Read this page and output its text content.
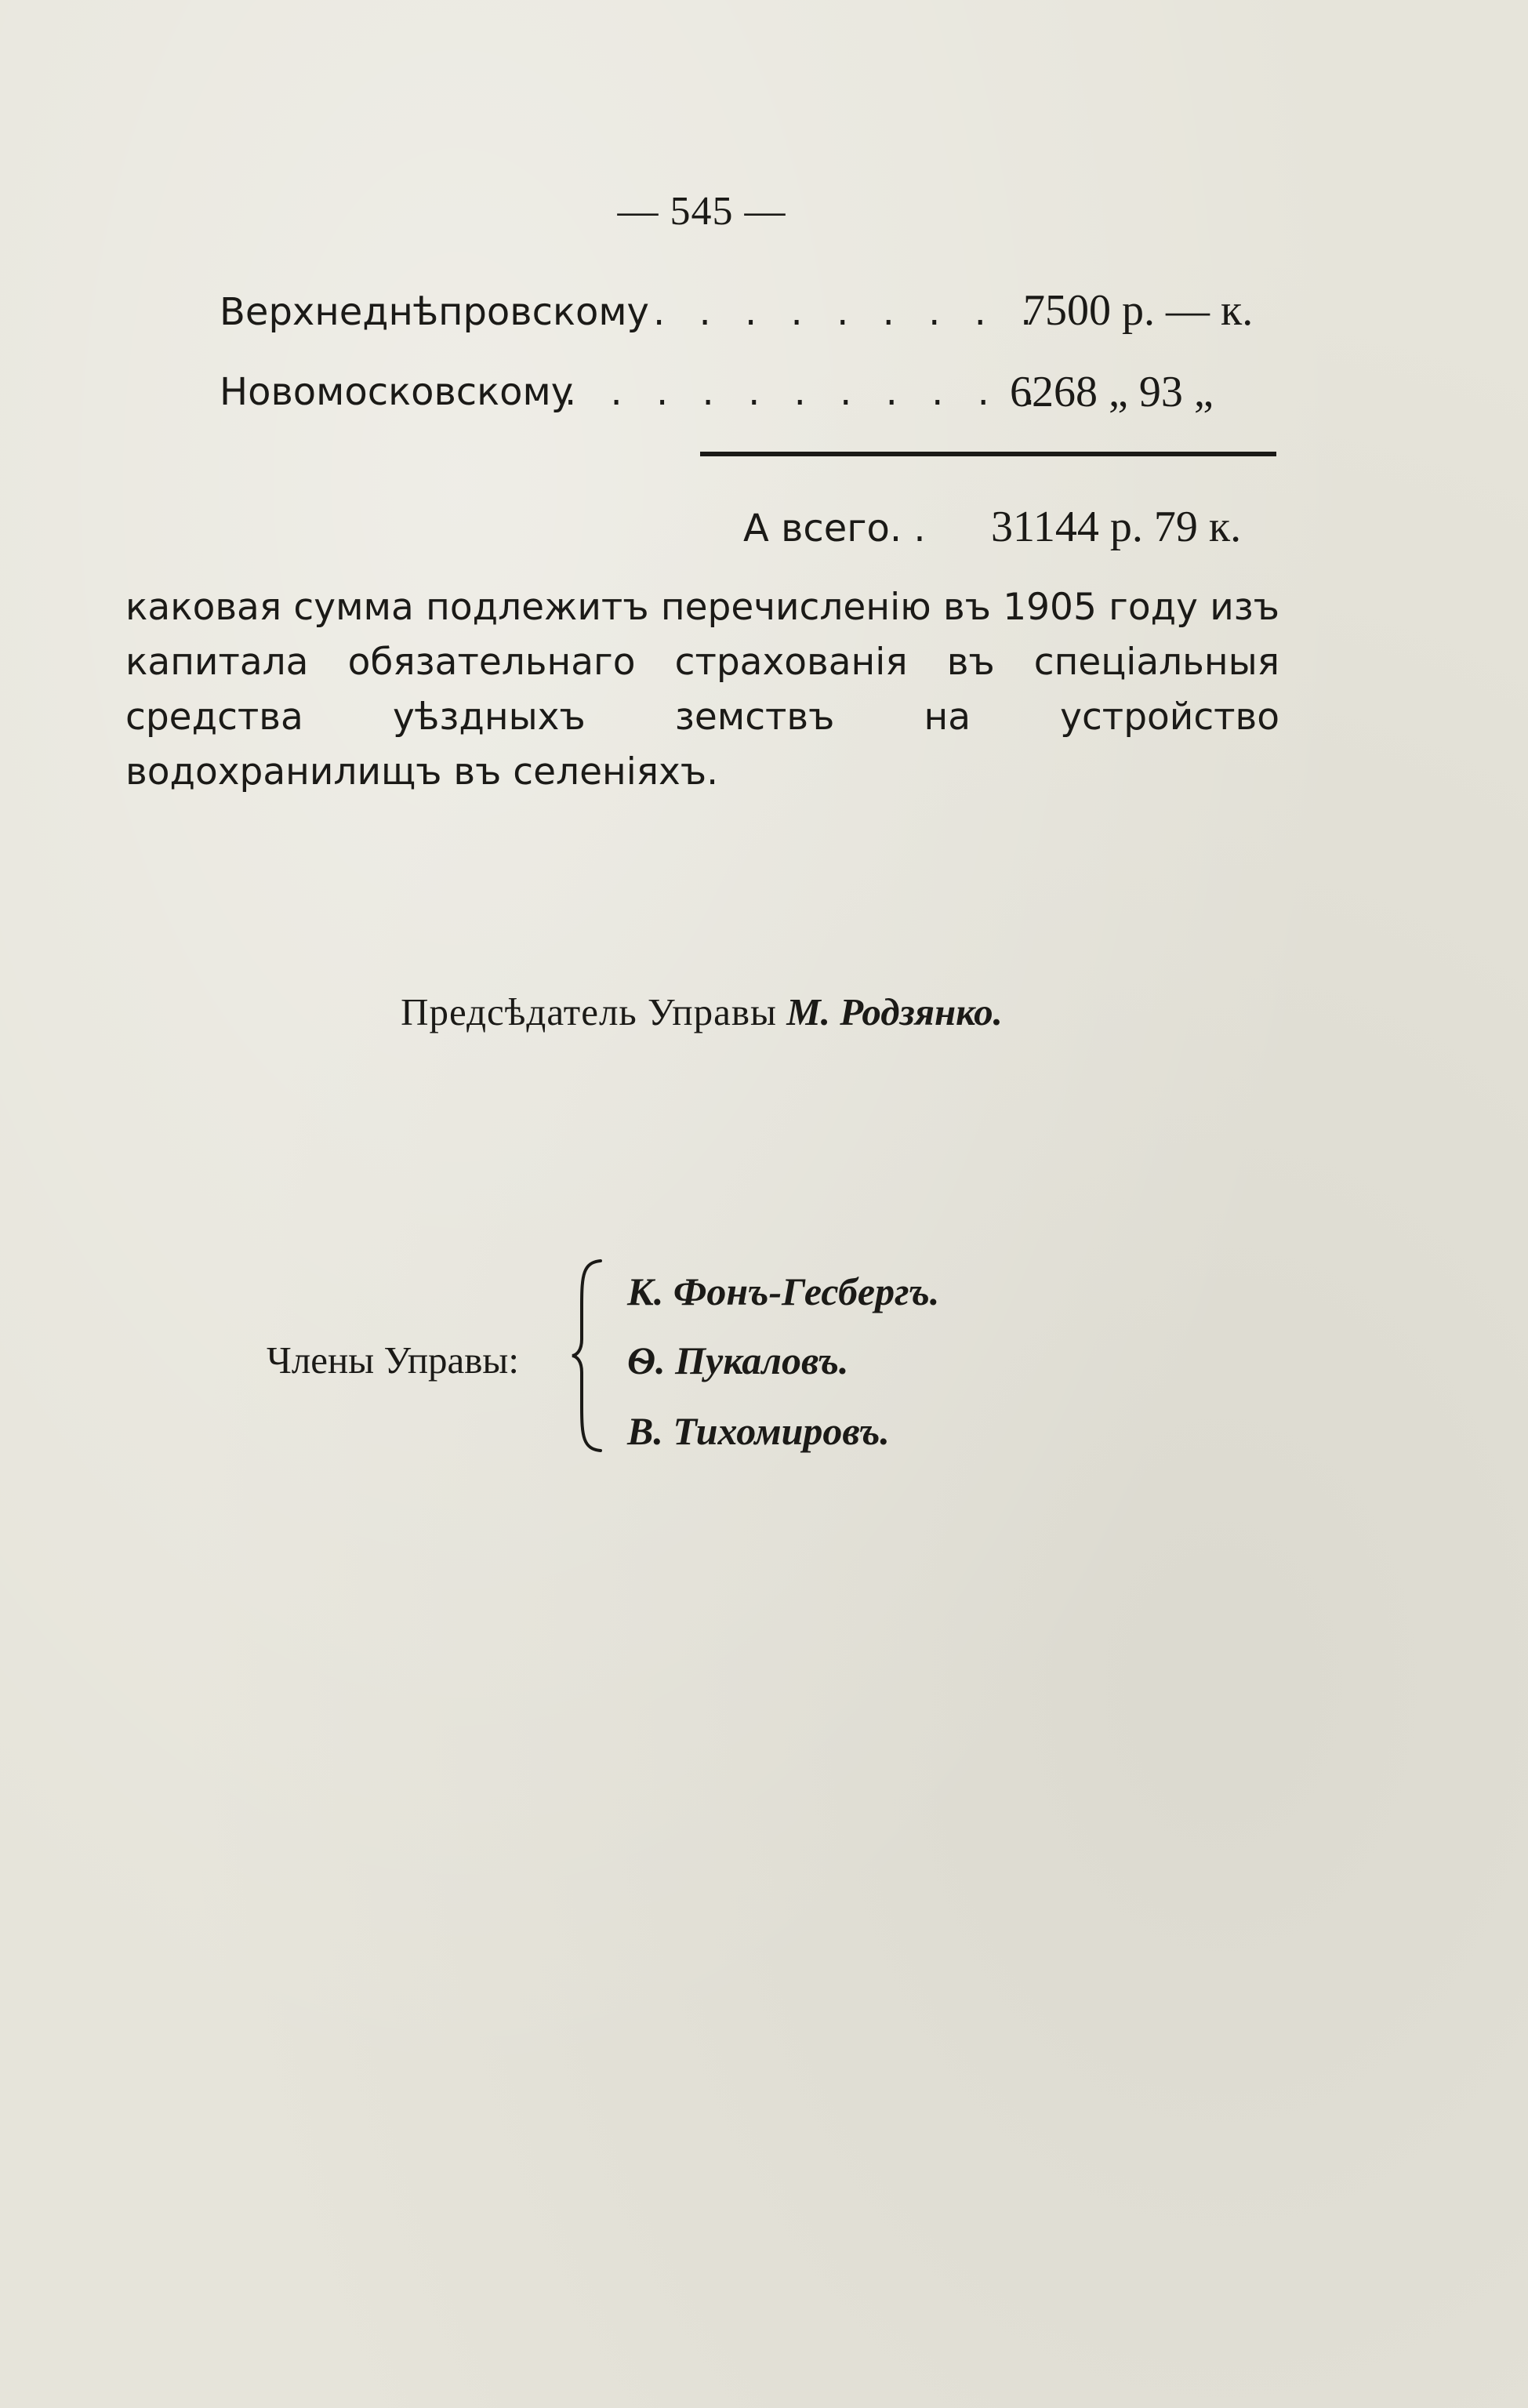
— 545 —
Верхнеднѣпровскому . . . . . . . . .
7500 р. — к.
Новомосковскому
. . . . . . . . . . .
6268 „ 93 „
А всего. . 31144 р. 79 к.
каковая сумма подлежитъ перечисленію въ 1905 году изъ капитала обязательнаго страхованія въ спеціальныя средства уѣздныхъ земствъ на устройство водохранилищъ въ селеніяхъ.
Предсѣдатель Управы М. Родзянко.
Члены Управы:
К. Фонъ-Гесбергъ.
Ѳ. Пукаловъ.
В. Тихомировъ.
